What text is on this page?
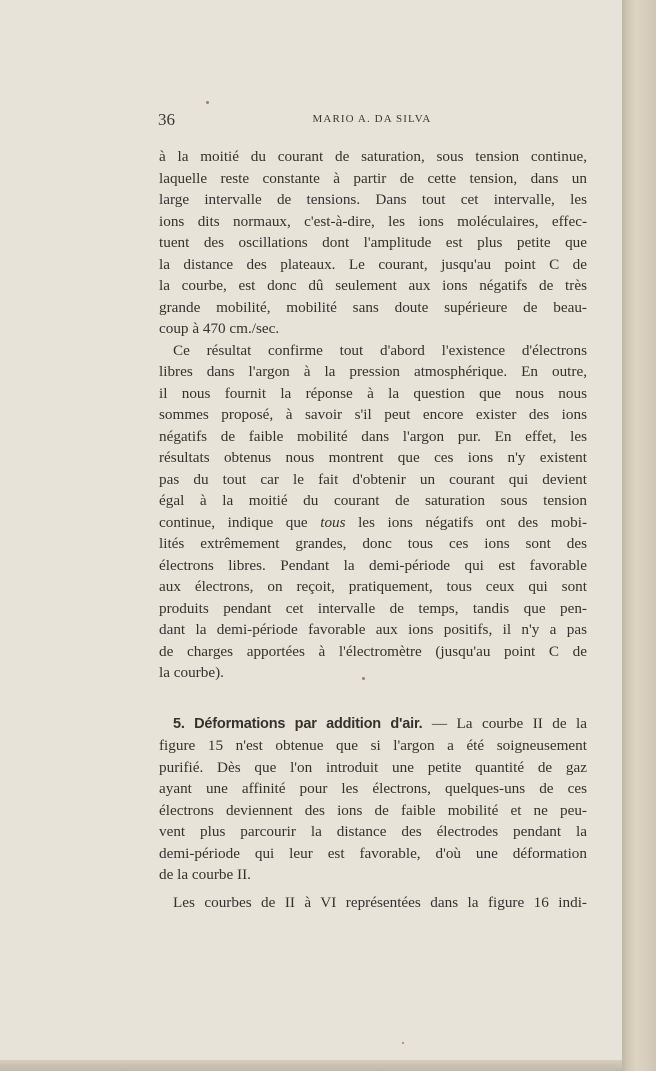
36	MARIO A. DA SILVA

à la moitié du courant de saturation, sous tension continue,
laquelle reste constante à partir de cette tension, dans un
large intervalle de tensions. Dans tout cet intervalle, les
ions dits normaux, c'est-à-dire, les ions moléculaires, effec-
tuent des oscillations dont l'amplitude est plus petite que
la distance des plateaux. Le courant, jusqu'au point C de
la courbe, est donc dû seulement aux ions négatifs de très
grande mobilité, mobilité sans doute supérieure de beau-
coup à 470 cm./sec.

Ce résultat confirme tout d'abord l'existence d'électrons
libres dans l'argon à la pression atmosphérique. En outre,
il nous fournit la réponse à la question que nous nous
sommes proposé, à savoir s'il peut encore exister des ions
négatifs de faible mobilité dans l'argon pur. En effet, les
résultats obtenus nous montrent que ces ions n'y existent
pas du tout car le fait d'obtenir un courant qui devient
égal à la moitié du courant de saturation sous tension
continue, indique que tous les ions négatifs ont des mobi-
lités extrêmement grandes, donc tous ces ions sont des
électrons libres. Pendant la demi-période qui est favorable
aux électrons, on reçoit, pratiquement, tous ceux qui sont
produits pendant cet intervalle de temps, tandis que pen-
dant la demi-période favorable aux ions positifs, il n'y a pas
de charges apportées à l'électromètre (jusqu'au point C de
la courbe).

5. Déformations par addition d'air. — La courbe II de la
figure 15 n'est obtenue que si l'argon a été soigneusement
purifié. Dès que l'on introduit une petite quantité de gaz
ayant une affinité pour les électrons, quelques-uns de ces
électrons deviennent des ions de faible mobilité et ne peu-
vent plus parcourir la distance des électrodes pendant la
demi-période qui leur est favorable, d'où une déformation
de la courbe II.

Les courbes de II à VI représentées dans la figure 16 indi-
